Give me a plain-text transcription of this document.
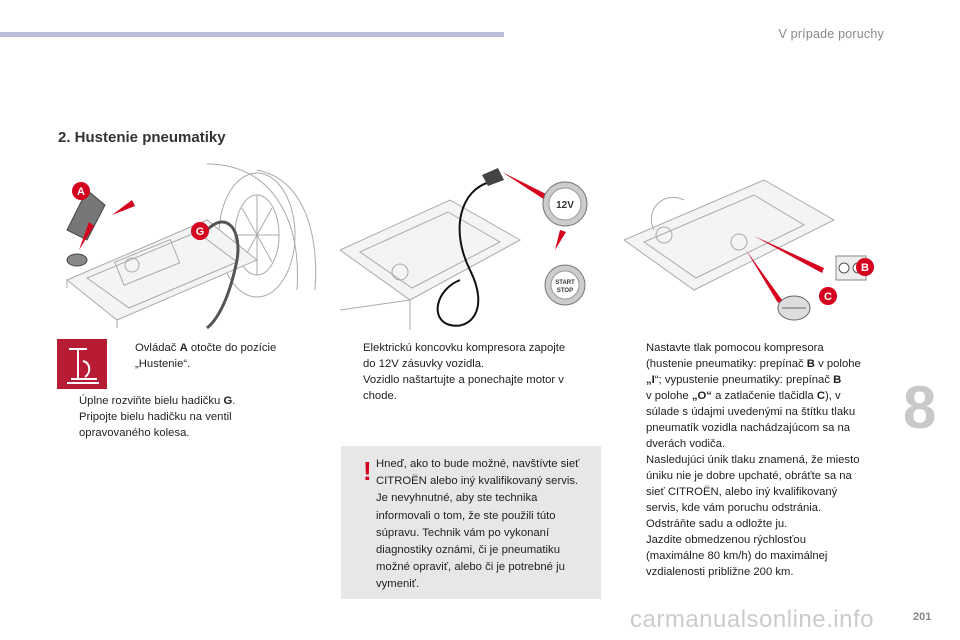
V prípade poruchy
8
2. Hustenie pneumatiky
A
G
12V
START
STOP
B
C
Ovládač A otočte do pozície
„Hustenie“.
Úplne rozviňte bielu hadičku G.
Pripojte bielu hadičku na ventil
opravovaného kolesa.
Elektrickú koncovku kompresora zapojte
do 12V zásuvky vozidla.
Vozidlo naštartujte a ponechajte motor v
chode.
! Hneď, ako to bude možné, navštívte sieť
CITROËN alebo iný kvalifikovaný servis.
Je nevyhnutné, aby ste technika
informovali o tom, že ste použili túto
súpravu. Technik vám po vykonaní
diagnostiky oznámi, či je pneumatiku
možné opraviť, alebo či je potrebné ju
vymeniť.
Nastavte tlak pomocou kompresora
(hustenie pneumatiky: prepínač B v polohe
„I“; vypustenie pneumatiky: prepínač B
v polohe „O“ a zatlačenie tlačidla C), v
súlade s údajmi uvedenými na štítku tlaku
pneumatík vozidla nachádzajúcom sa na
dverách vodiča.
Nasledujúci únik tlaku znamená, že miesto
úniku nie je dobre upchaté, obráťte sa na
sieť CITROËN, alebo iný kvalifikovaný
servis, kde vám poruchu odstránia.
Odstráňte sadu a odložte ju.
Jazdite obmedzenou rýchlosťou
(maximálne 80 km/h) do maximálnej
vzdialenosti približne 200 km.
carmanualsonline.info	201
